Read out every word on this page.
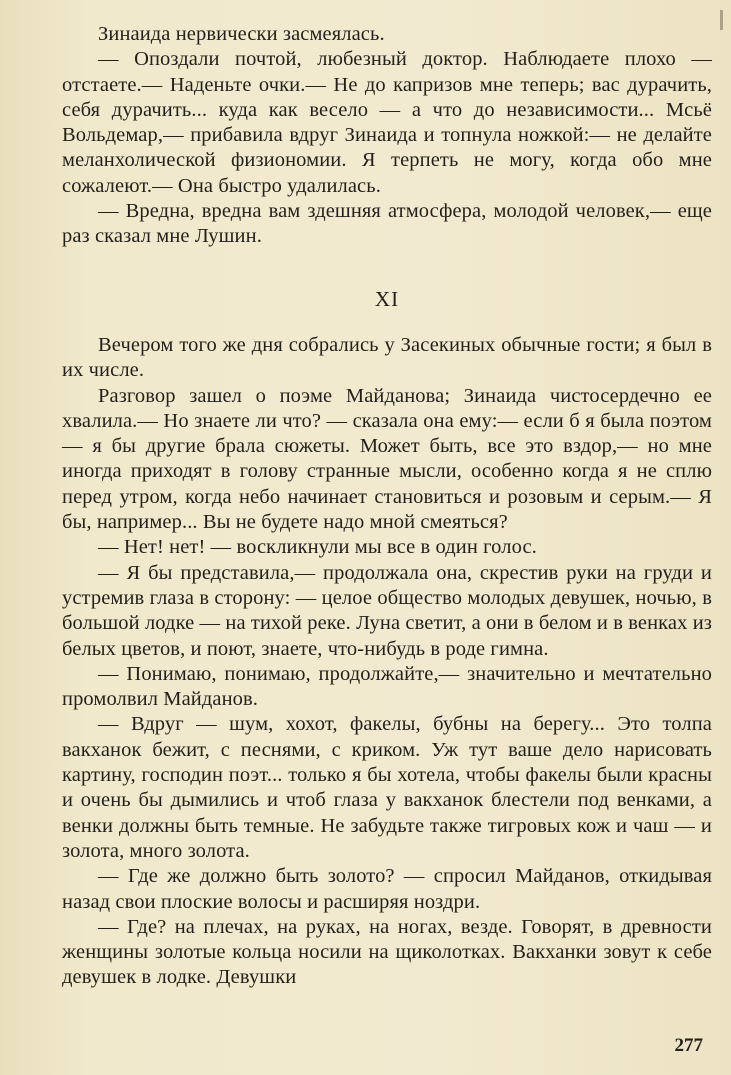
Зинаида нервически засмеялась.

— Опоздали почтой, любезный доктор. Наблюдаете плохо — отстаете.— Наденьте очки.— Не до капризов мне теперь; вас дурачить, себя дурачить... куда как весело — а что до независимости... Мсьё Вольдемар,— прибавила вдруг Зинаида и топнула ножкой:— не делайте меланхолической физиономии. Я терпеть не могу, когда обо мне сожалеют.— Она быстро удалилась.

— Вредна, вредна вам здешняя атмосфера, молодой человек,— еще раз сказал мне Лушин.

XI

Вечером того же дня собрались у Засекиных обычные гости; я был в их числе.

Разговор зашел о поэме Майданова; Зинаида чистосердечно ее хвалила.— Но знаете ли что? — сказала она ему:— если б я была поэтом — я бы другие брала сюжеты. Может быть, все это вздор,— но мне иногда приходят в голову странные мысли, особенно когда я не сплю перед утром, когда небо начинает становиться и розовым и серым.— Я бы, например... Вы не будете надо мной смеяться?

— Нет! нет! — воскликнули мы все в один голос.

— Я бы представила,— продолжала она, скрестив руки на груди и устремив глаза в сторону: — целое общество молодых девушек, ночью, в большой лодке — на тихой реке. Луна светит, а они в белом и в венках из белых цветов, и поют, знаете, что-нибудь в роде гимна.

— Понимаю, понимаю, продолжайте,— значительно и мечтательно промолвил Майданов.

— Вдруг — шум, хохот, факелы, бубны на берегу... Это толпа вакханок бежит, с песнями, с криком. Уж тут ваше дело нарисовать картину, господин поэт... только я бы хотела, чтобы факелы были красны и очень бы дымились и чтоб глаза у вакханок блестели под венками, а венки должны быть темные. Не забудьте также тигровых кож и чаш — и золота, много золота.

— Где же должно быть золото? — спросил Майданов, откидывая назад свои плоские волосы и расширяя ноздри.

— Где? на плечах, на руках, на ногах, везде. Говорят, в древности женщины золотые кольца носили на щиколотках. Вакханки зовут к себе девушек в лодке. Девушки

277
